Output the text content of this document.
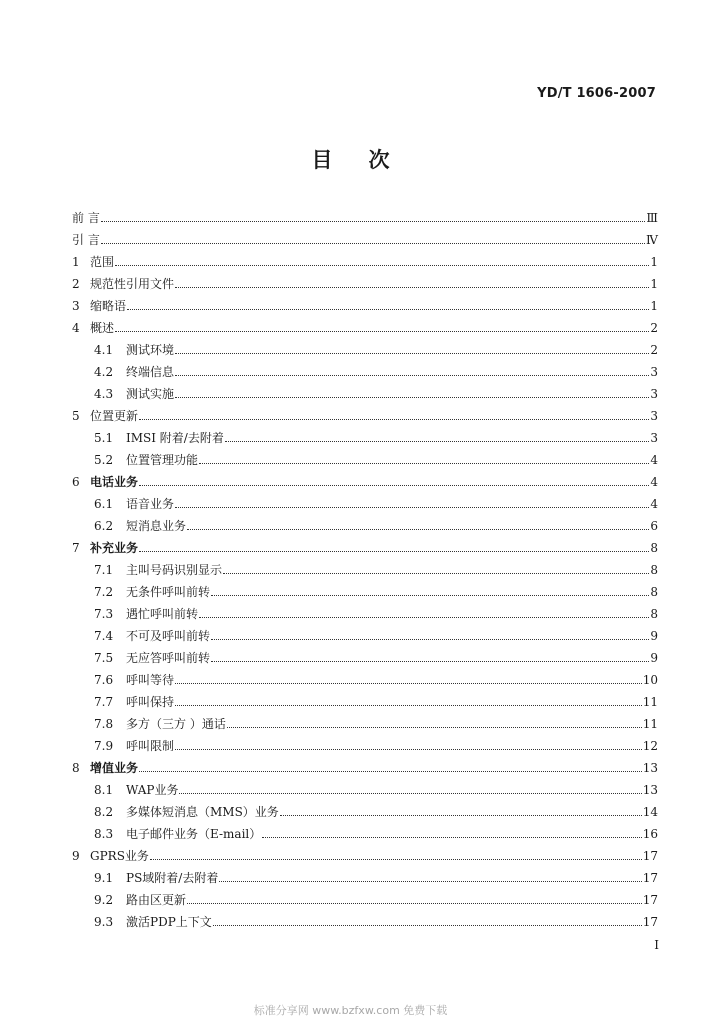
YD/T 1606-2007
目 次
前 言	Ⅲ
引 言	Ⅳ
1 范围	1
2 规范性引用文件	1
3 缩略语	1
4 概述	2
4.1	测试环境	2
4.2	终端信息	3
4.3	测试实施	3
5 位置更新	3
5.1	IMSI 附着/去附着	3
5.2	位置管理功能	4
6 电话业务	4
6.1	语音业务	4
6.2	短消息业务	6
7 补充业务	8
7.1	主叫号码识别显示	8
7.2	无条件呼叫前转	8
7.3	遇忙呼叫前转	8
7.4	不可及呼叫前转	9
7.5	无应答呼叫前转	9
7.6	呼叫等待	10
7.7	呼叫保持	11
7.8	多方（三方 ）通话	11
7.9	呼叫限制	12
8 增值业务	13
8.1	WAP业务	13
8.2	多媒体短消息（MMS）业务	14
8.3	电子邮件业务（E-mail）	16
9 GPRS业务	17
9.1	PS域附着/去附着	17
9.2	路由区更新	17
9.3	激活PDP上下文	17
I
标准分享网 www.bzfxw.com 免费下载
